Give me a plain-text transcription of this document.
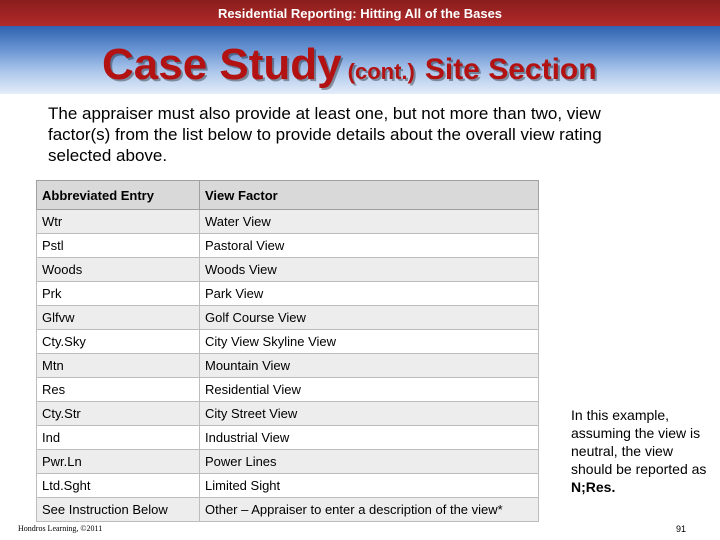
Residential Reporting: Hitting All of the Bases
Case Study (cont.) Site Section
The appraiser must also provide at least one, but not more than two, view factor(s) from the list below to provide details about the overall view rating selected above.
Abbreviated Entry	View Factor
Wtr	Water View
Pstl	Pastoral View
Woods	Woods View
Prk	Park View
Glfvw	Golf Course View
Cty.Sky	City View Skyline View
Mtn	Mountain View
Res	Residential View
Cty.Str	City Street View
Ind	Industrial View
Pwr.Ln	Power Lines
Ltd.Sght	Limited Sight
See Instruction Below	Other – Appraiser to enter a description of the view*
In this example, assuming the view is neutral, the view should be reported as N;Res.
Hondros Learning, ©2011	91
